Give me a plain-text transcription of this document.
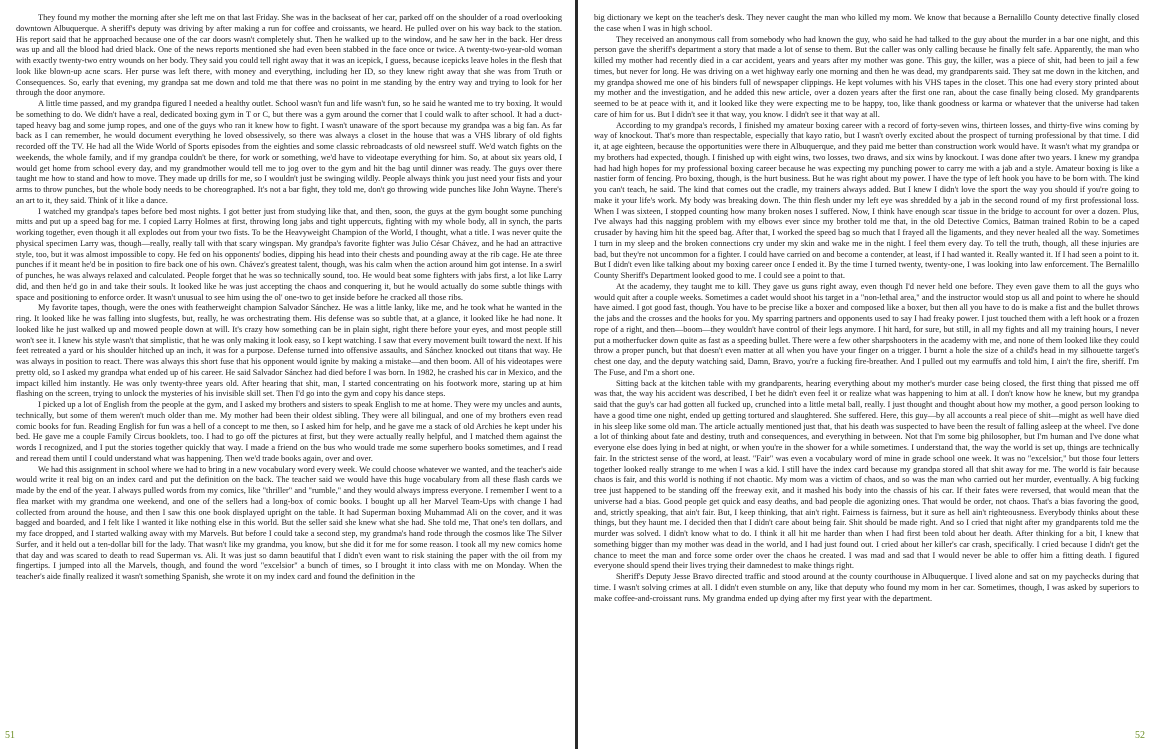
They found my mother the morning after she left me on that last Friday. She was in the backseat of her car, parked off on the shoulder of a road overlooking downtown Albuquerque. A sheriff's deputy was driving by after making a run for coffee and croissants, we heard. He pulled over on his way back to the station. His report said that he approached because one of the car doors wasn't completely shut. Then he walked up to the window, and he saw her in the back. Her dress was up and all the blood had dried black. One of the news reports mentioned she had even been stabbed in the face once or twice. A twenty-two-year-old woman with exactly twenty-two entry wounds on her body. They said you could tell right away that it was an icepick, I guess, because icepicks leave holes in the flesh that look like blown-up acne scars. Her purse was left there, with money and everything, including her ID, so they knew right away that she was from Truth or Consequences. So, early that evening, my grandpa sat me down and told me that there was no point in me standing by the entry way and trying to look for her through the door anymore.

A little time passed, and my grandpa figured I needed a healthy outlet. School wasn't fun and life wasn't fun, so he said he wanted me to try boxing. It would be something to do. We didn't have a real, dedicated boxing gym in T or C, but there was a gym around the corner that I could walk to after school. It had a duct-taped heavy bag and some jump ropes, and one of the guys who ran it knew how to fight. I wasn't unaware of the sport because my grandpa was a big fan. As far back as I can remember, he would document everything he loved obsessively, so there was always a closet in the house that was a VHS library of old fights recorded off the TV. He had all the Wide World of Sports episodes from the eighties and some classic rebroadcasts of old newsreel stuff. We'd watch fights on the weekends, the whole family, and if my grandpa couldn't be there, for work or something, we'd have to videotape everything for him. So, at about six years old, I would get home from school every day, and my grandmother would tell me to jog over to the gym and hit the bag until dinner was ready. The guys over there taught me how to stand and how to move. They made up drills for me, so I wouldn't just be swinging wildly. People always think you just need your fists and your arms to throw punches, but the whole body needs to be choreographed. It's not a bar fight, they told me, don't go throwing wide punches like John Wayne. There's an art to it, they said. Think of it like a dance.

I watched my grandpa's tapes before bed most nights. I got better just from studying like that, and then, soon, the guys at the gym bought some punching mitts and put up a speed bag for me. I copied Larry Holmes at first, throwing long jabs and tight uppercuts, fighting with my whole body, all in synch, the parts working together, even though it all explodes out from your two fists. To be the Heavyweight Champion of the World, I thought, what a title. I was never quite the physical specimen Larry was, though—really, really tall with that scary wingspan. My grandpa's favorite fighter was Julio César Chávez, and he had an attractive style, too, but it was almost impossible to copy. He fed on his opponents' bodies, dipping his head into their chests and pounding away at the rib cage. He ate three punches if it meant he'd be in position to fire back one of his own. Chávez's greatest talent, though, was his calm when the action around him got intense. In a swirl of punches, he was always relaxed and calculated. People forget that he was so technically sound, too. He would beat some fighters with jabs first, a lot like Larry did, and then he'd go in and take their souls. It looked like he was just accepting the chaos and conquering it, but he would actually do some subtle things with space and positioning to enforce order. It wasn't unusual to see him using the ol' one-two to get inside before he cracked all those ribs.

My favorite tapes, though, were the ones with featherweight champion Salvador Sánchez. He was a little lanky, like me, and he took what he wanted in the ring. It looked like he was falling into slugfests, but, really, he was orchestrating them. His defense was so subtle that, at a glance, it looked like he had none. It looked like he just walked up and mowed people down at will. It's crazy how something can be in plain sight, right there before your eyes, and most people still won't see it. I knew his style wasn't that simplistic, that he was only making it look easy, so I kept watching. I saw that every movement built toward the next. If his feet retreated a yard or his shoulder hitched up an inch, it was for a purpose. Defense turned into offensive assaults, and Sánchez knocked out titans that way. He was always in position to react. There was always this short fuse that his opponent would ignite by making a mistake—and then boom. All of his videotapes were pretty old, so I asked my grandpa what ended up of his career. He said Salvador Sánchez had died before I was born. In 1982, he crashed his car in Mexico, and the impact killed him instantly. He was only twenty-three years old. After hearing that shit, man, I started concentrating on his footwork more, staring up at him flashing on the screen, trying to unlock the mysteries of his invisible skill set. Then I'd go into the gym and copy his dance steps.

I picked up a lot of English from the people at the gym, and I asked my brothers and sisters to speak English to me at home. They were my uncles and aunts, technically, but some of them weren't much older than me. My mother had been their oldest sibling. They were all bilingual, and one of my brothers even read comic books for fun. Reading English for fun was a hell of a concept to me then, so I asked him for help, and he gave me a stack of old Archies he kept under his bed. He gave me a couple Family Circus booklets, too. I had to go off the pictures at first, but they were actually really helpful, and I matched them against the words I recognized, and I put the stories together quickly that way. I made a friend on the bus who would trade me some superhero books sometimes, and I read and reread them until I could understand what was happening. Then we'd trade books again, over and over.

We had this assignment in school where we had to bring in a new vocabulary word every week. We could choose whatever we wanted, and the teacher's aide would write it real big on an index card and put the definition on the back. The teacher said we would have this huge vocabulary from all these flash cards we made by the end of the year. I always pulled words from my comics, like "thriller" and "rumble," and they would always impress everyone. I remember I went to a flea market with my grandma one weekend, and one of the sellers had a long-box of comic books. I bought up all her Marvel Team-Ups with change I had collected from around the house, and then I saw this one book displayed upright on the table. It had Superman boxing Muhammad Ali on the cover, and it was bagged and boarded, and I felt like I wanted it like nothing else in this world. But the seller said she knew what she had. She told me, That one's ten dollars, and my face dropped, and I started walking away with my Marvels. But before I could take a second step, my grandma's hand rode through the cosmos like The Silver Surfer, and it held out a ten-dollar bill for the lady. That wasn't like my grandma, you know, but she did it for me for some reason. I took all my new comics home that day and was scared to death to read Superman vs. Ali. It was just so damn beautiful that I didn't even want to risk staining the paper with the oil from my fingertips. I jumped into all the Marvels, though, and found the word "excelsior" a bunch of times, so I brought it into class with me on Monday. When the teacher's aide finally realized it wasn't something Spanish, she wrote it on my index card and found the definition in the

51

big dictionary we kept on the teacher's desk. They never caught the man who killed my mom. We know that because a Bernalillo County detective finally closed the case when I was in high school.

They received an anonymous call from somebody who had known the guy, who said he had talked to the guy about the murder in a bar one night, and this person gave the sheriff's department a story that made a lot of sense to them. But the caller was only calling because he finally felt safe. Apparently, the man who killed my mother had recently died in a car accident, years and years after my mother was gone. This guy, the killer, was a piece of shit, had been to jail a few times, but never for long. He was driving on a wet highway early one morning and then he was dead, my grandparents said. They sat me down in the kitchen, and my grandpa showed me one of his binders full of newspaper clippings. He kept volumes with his VHS tapes in the closet. This one had every story printed about my mother and the investigation, and he added this new article, over a dozen years after the first one ran, about the case finally being closed. My grandparents seemed to be at peace with it, and it looked like they were expecting me to be happy, too, like thank goodness or karma or whatever that the universe had taken care of him for us. But I didn't see it that way, you know. I didn't see it that way at all.

According to my grandpa's records, I finished my amateur boxing career with a record of forty-seven wins, thirteen losses, and thirty-five wins coming by way of knockout. That's more than respectable, especially that kayo ratio, but I wasn't overly excited about the prospect of turning professional by that time. I did it, at age eighteen, because the opportunities were there in Albuquerque, and they paid me better than construction work would have. It wasn't what my grandpa or my brothers had expected, though. I finished up with eight wins, two losses, two draws, and six wins by knockout. I was done after two years. I knew my grandpa had had high hopes for my professional boxing career because he was expecting my punching power to carry me with a jab and a style. Amateur boxing is like a nastier form of fencing. Pro boxing, though, is the hurt business. But he was right about my power. I have the type of left hook you have to be born with. The kind you can't teach, he said. The kind that comes out the cradle, my trainers always added. But I knew I didn't love the sport the way you should if you're going to make it your life's work. My body was breaking down. The thin flesh under my left eye was shredded by a jab in the second round of my first professional loss. When I was sixteen, I stopped counting how many broken noses I suffered. Now, I think have enough scar tissue in the bridge to account for over a dozen. Plus, I've always had this nagging problem with my elbows ever since my brother told me that, in the old Detective Comics, Batman trained Robin to be a caped crusader by having him hit the speed bag. After that, I worked the speed bag so much that I frayed all the ligaments, and they never healed all the way. Sometimes I turn in my sleep and the broken connections cry under my skin and wake me in the night. I feel them every day. To tell the truth, though, all these injuries are bad, but they're not uncommon for a fighter. I could have carried on and become a contender, at least, if I had wanted it. Really wanted it. If I had seen a point to it. But I didn't even like talking about my boxing career once I ended it. By the time I turned twenty, twenty-one, I was looking into law enforcement. The Bernalillo County Sheriff's Department looked good to me. I could see a point to that.

At the academy, they taught me to kill. They gave us guns right away, even though I'd never held one before. They even gave them to all the guys who would quit after a couple weeks. Sometimes a cadet would shoot his target in a "non-lethal area," and the instructor would stop us all and point to where he should have aimed. I got good fast, though. You have to be precise like a boxer and composed like a boxer, but then all you have to do is make a fist and the bullet throws the jabs and the crosses and the hooks for you. My sparring partners and opponents used to say I had freaky power. I just touched them with a left hook or a frozen rope of a right, and then—boom—they wouldn't have control of their legs anymore. I hit hard, for sure, but still, in all my fights and all my training hours, I never put a motherfucker down quite as fast as a speeding bullet. There were a few other sharpshooters in the academy with me, and none of them looked like they could throw a proper punch, but that doesn't even matter at all when you have your finger on a trigger. I burnt a hole the size of a child's head in my silhouette target's chest one day, and the deputy watching said, Damn, Bravo, you're a fucking fire-breather. And I pulled out my earmuffs and told him, I ain't the fire, sheriff. I'm The Fuse, and I'm a short one.

Sitting back at the kitchen table with my grandparents, hearing everything about my mother's murder case being closed, the first thing that pissed me off was that, the way his accident was described, I bet he didn't even feel it or realize what was happening to him at all. I don't know how he knew, but my grandpa said that the guy's car had gotten all fucked up, crunched into a little metal ball, really. I just thought and thought about how my mother, a good person looking to have a good time one night, ended up getting tortured and slaughtered. She suffered. Here, this guy—by all accounts a real piece of shit—might as well have died in his sleep like some old man. The article actually mentioned just that, that his death was suspected to have been the result of falling asleep at the wheel. I've done a lot of thinking about fate and destiny, truth and consequences, and everything in between. Not that I'm some big philosopher, but I'm human and I've done what everyone else does lying in bed at night, or when you're in the shower for a while sometimes. I understand that, the way the world is set up, things are technically fair. In the strictest sense of the word, at least. "Fair" was even a vocabulary word of mine in grade school one week. It was no "excelsior," but those four letters together looked really strange to me when I was a kid. I still have the index card because my grandpa stored all that shit away for me. The world is fair because chaos is fair, and this world is nothing if not chaotic. My mom was a victim of chaos, and so was the man who carried out her murder, eventually. A big fucking tree just happened to be standing off the freeway exit, and it mashed his body into the chassis of his car. If their fates were reversed, that would mean that the universe had a bias. Good people get quick and easy deaths, and bad people die agonizing ones. That would be order, not chaos. That's a bias favoring the good, and, strictly speaking, that ain't fair. But, I keep thinking, that ain't right. Fairness is fairness, but it sure as hell ain't righteousness. Everybody thinks about these things, but they haunt me. I decided then that I didn't care about being fair. Shit should be made right. And so I cried that night after my grandparents told me the murder was solved. I didn't know what to do. I think it all hit me harder than when I had first been told about her death. After thinking for a bit, I knew that something bigger than my mother was dead in the world, and I had just found out. I cried about her killer's car crash, specifically. I cried because I didn't get the chance to meet the man and force some order over the chaos he created. I was mad and sad that I would never be able to offer him a fitting death. I figured everyone should spend their lives trying their damnedest to make things right.

Sheriff's Deputy Jesse Bravo directed traffic and stood around at the county courthouse in Albuquerque. I lived alone and sat on my paychecks during that time. I wasn't solving crimes at all. I didn't even stumble on any, like that deputy who found my mom in her car. Sometimes, though, I was asked by superiors to make coffee-and-croissant runs. My grandma ended up dying after my first year with the department.

52
